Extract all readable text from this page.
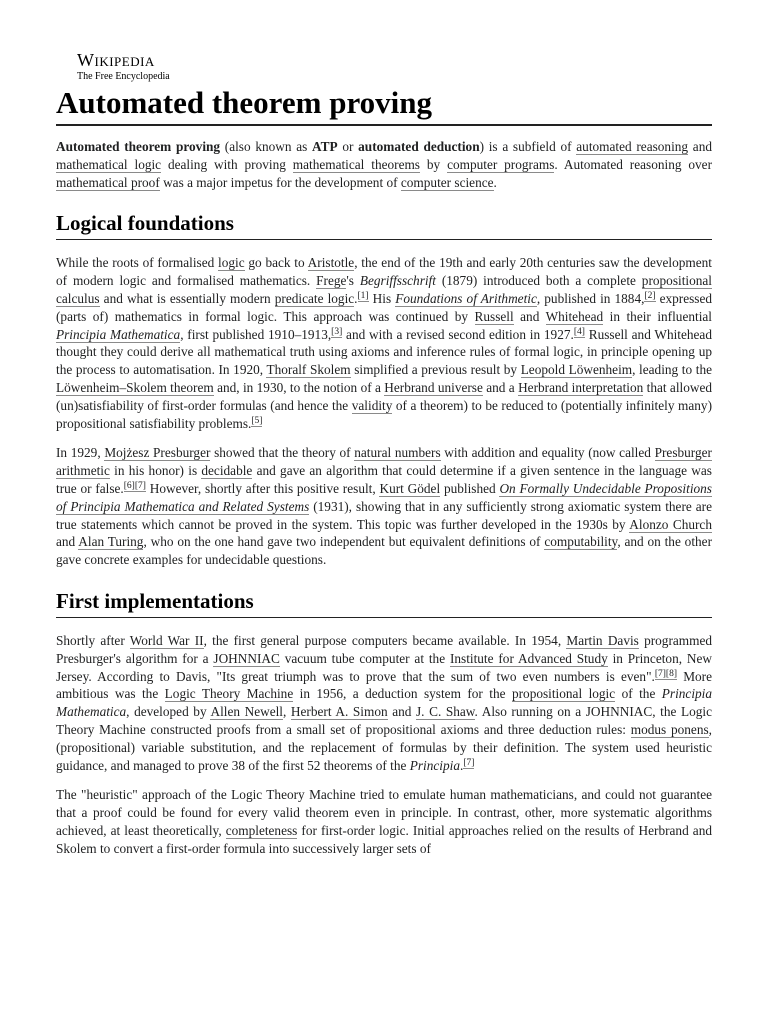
Wikipedia
The Free Encyclopedia
Automated theorem proving

Automated theorem proving (also known as ATP or automated deduction) is a subfield of automated reasoning and mathematical logic dealing with proving mathematical theorems by computer programs. Automated reasoning over mathematical proof was a major impetus for the development of computer science.

Logical foundations

While the roots of formalised logic go back to Aristotle, the end of the 19th and early 20th centuries saw the development of modern logic and formalised mathematics. Frege's Begriffsschrift (1879) introduced both a complete propositional calculus and what is essentially modern predicate logic.[1] His Foundations of Arithmetic, published in 1884,[2] expressed (parts of) mathematics in formal logic. This approach was continued by Russell and Whitehead in their influential Principia Mathematica, first published 1910–1913,[3] and with a revised second edition in 1927.[4] Russell and Whitehead thought they could derive all mathematical truth using axioms and inference rules of formal logic, in principle opening up the process to automatisation. In 1920, Thoralf Skolem simplified a previous result by Leopold Löwenheim, leading to the Löwenheim–Skolem theorem and, in 1930, to the notion of a Herbrand universe and a Herbrand interpretation that allowed (un)satisfiability of first-order formulas (and hence the validity of a theorem) to be reduced to (potentially infinitely many) propositional satisfiability problems.[5]

In 1929, Mojżesz Presburger showed that the theory of natural numbers with addition and equality (now called Presburger arithmetic in his honor) is decidable and gave an algorithm that could determine if a given sentence in the language was true or false.[6][7] However, shortly after this positive result, Kurt Gödel published On Formally Undecidable Propositions of Principia Mathematica and Related Systems (1931), showing that in any sufficiently strong axiomatic system there are true statements which cannot be proved in the system. This topic was further developed in the 1930s by Alonzo Church and Alan Turing, who on the one hand gave two independent but equivalent definitions of computability, and on the other gave concrete examples for undecidable questions.

First implementations

Shortly after World War II, the first general purpose computers became available. In 1954, Martin Davis programmed Presburger's algorithm for a JOHNNIAC vacuum tube computer at the Institute for Advanced Study in Princeton, New Jersey. According to Davis, "Its great triumph was to prove that the sum of two even numbers is even".[7][8] More ambitious was the Logic Theory Machine in 1956, a deduction system for the propositional logic of the Principia Mathematica, developed by Allen Newell, Herbert A. Simon and J. C. Shaw. Also running on a JOHNNIAC, the Logic Theory Machine constructed proofs from a small set of propositional axioms and three deduction rules: modus ponens, (propositional) variable substitution, and the replacement of formulas by their definition. The system used heuristic guidance, and managed to prove 38 of the first 52 theorems of the Principia.[7]

The "heuristic" approach of the Logic Theory Machine tried to emulate human mathematicians, and could not guarantee that a proof could be found for every valid theorem even in principle. In contrast, other, more systematic algorithms achieved, at least theoretically, completeness for first-order logic. Initial approaches relied on the results of Herbrand and Skolem to convert a first-order formula into successively larger sets of
